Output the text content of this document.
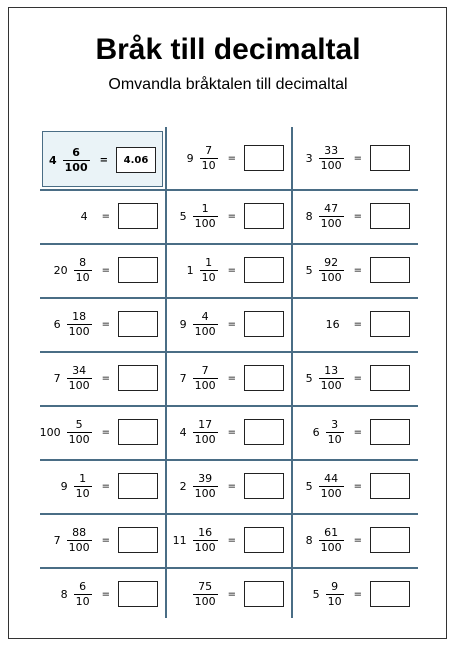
Bråk till decimaltal
Omvandla bråktalen till decimaltal
$4 \frac{6}{100}$ =	4.06	$9 \frac{7}{10}$ =	$3 \frac{33}{100}$ =
4 =	$5 \frac{1}{100}$ =	$8 \frac{47}{100}$ =
$20 \frac{8}{10}$ =	$1 \frac{1}{10}$ =	$5 \frac{92}{100}$ =
$6 \frac{18}{100}$ =	$9 \frac{4}{100}$ =	16 =
$7 \frac{34}{100}$ =	$7 \frac{7}{100}$ =	$5 \frac{13}{100}$ =
$100 \frac{5}{100}$ =	$4 \frac{17}{100}$ =	$6 \frac{3}{10}$ =
$9 \frac{1}{10}$ =	$2 \frac{39}{100}$ =	$5 \frac{44}{100}$ =
$7 \frac{88}{100}$ =	$11 \frac{16}{100}$ =	$8 \frac{61}{100}$ =
$8 \frac{6}{10}$ =	$\frac{75}{100}$ =	$5 \frac{9}{10}$ =
